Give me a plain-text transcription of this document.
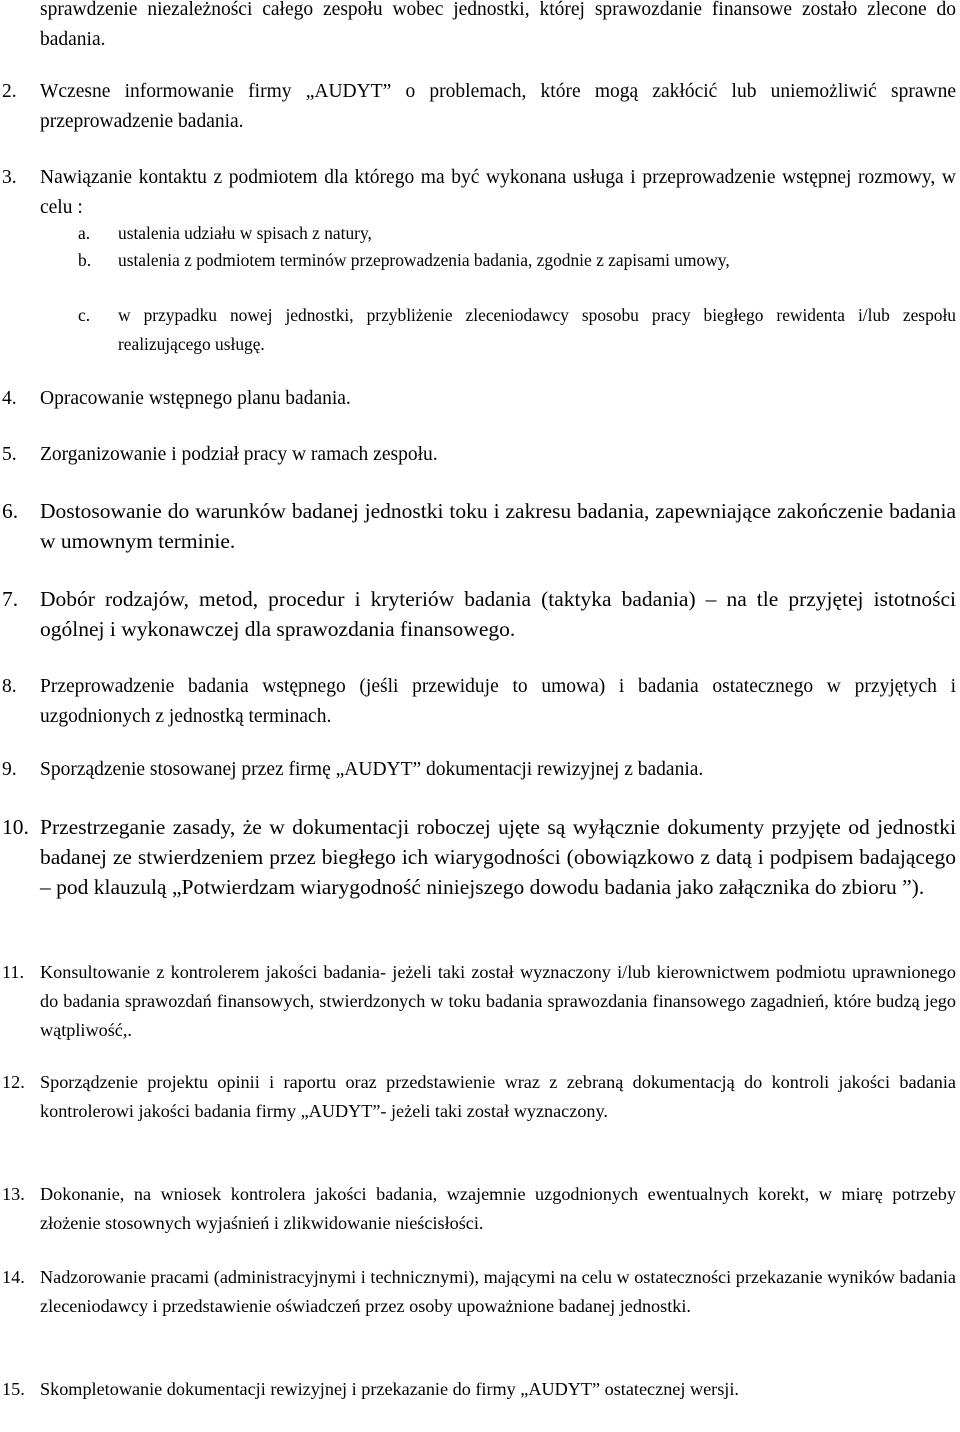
sprawdzenie niezależności całego zespołu wobec jednostki, której sprawozdanie finansowe zostało zlecone do badania.

2.	Wczesne informowanie firmy „AUDYT” o problemach, które mogą zakłócić lub uniemożliwić sprawne przeprowadzenie badania.

3.	Nawiązanie kontaktu z podmiotem dla którego ma być wykonana usługa i przeprowadzenie wstępnej rozmowy, w celu :

a.	ustalenia udziału w spisach z natury,

b.	ustalenia z podmiotem terminów przeprowadzenia badania, zgodnie z zapisami umowy,

c.	w przypadku nowej jednostki, przybliżenie zleceniodawcy sposobu pracy biegłego rewidenta i/lub zespołu realizującego usługę.

4.	Opracowanie wstępnego planu badania.

5.	Zorganizowanie i podział pracy w ramach zespołu.

6.	Dostosowanie do warunków badanej jednostki toku i zakresu badania, zapewniające zakończenie badania w umownym terminie.

7.	Dobór rodzajów, metod, procedur i kryteriów badania (taktyka badania) – na tle przyjętej istotności ogólnej i wykonawczej dla sprawozdania finansowego.

8.	Przeprowadzenie badania wstępnego (jeśli przewiduje to umowa) i badania ostatecznego w przyjętych i uzgodnionych z jednostką terminach.

9.	Sporządzenie stosowanej przez firmę „AUDYT” dokumentacji rewizyjnej z badania.

10. Przestrzeganie zasady, że w dokumentacji roboczej ujęte są wyłącznie dokumenty przyjęte od jednostki badanej ze stwierdzeniem przez biegłego ich wiarygodności (obowiązkowo z datą i podpisem badającego – pod klauzulą „Potwierdzam wiarygodność niniejszego dowodu badania jako załącznika do zbioru ”).

11. Konsultowanie z kontrolerem jakości badania- jeżeli taki został wyznaczony i/lub kierownictwem podmiotu uprawnionego do badania sprawozdań finansowych, stwierdzonych w toku badania sprawozdania finansowego zagadnień, które budzą jego wątpliwość,.

12. Sporządzenie projektu opinii i raportu oraz przedstawienie wraz z zebraną dokumentacją do kontroli jakości badania kontrolerowi jakości badania firmy „AUDYT”- jeżeli taki został wyznaczony.

13. Dokonanie, na wniosek kontrolera jakości badania, wzajemnie uzgodnionych ewentualnych korekt, w miarę potrzeby złożenie stosownych wyjaśnień i zlikwidowanie nieścisłości.

14. Nadzorowanie pracami (administracyjnymi i technicznymi), mającymi na celu w ostateczności przekazanie wyników badania zleceniodawcy i przedstawienie oświadczeń przez osoby upoważnione badanej jednostki.

15. Skompletowanie dokumentacji rewizyjnej i przekazanie do firmy „AUDYT” ostatecznej wersji.
